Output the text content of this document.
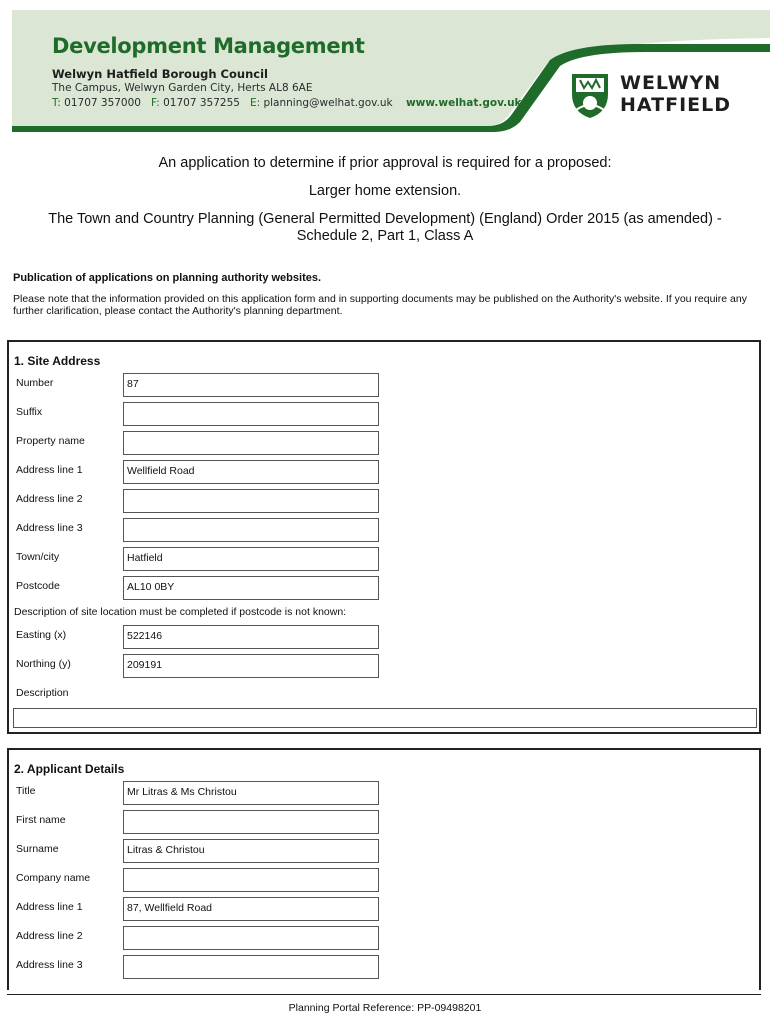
Development Management
Welwyn Hatfield Borough Council
The Campus, Welwyn Garden City, Herts AL8 6AE
T: 01707 357000 F: 01707 357255 E: planning@welhat.gov.uk www.welhat.gov.uk
WELWYN
HATFIELD
An application to determine if prior approval is required for a proposed:
Larger home extension.
The Town and Country Planning (General Permitted Development) (England) Order 2015 (as amended) -
Schedule 2, Part 1, Class A
Publication of applications on planning authority websites.
Please note that the information provided on this application form and in supporting documents may be published on the Authority's website. If you require any further clarification, please contact the Authority's planning department.
1. Site Address
Number	87
Suffix
Property name
Address line 1	Wellfield Road
Address line 2
Address line 3
Town/city	Hatfield
Postcode	AL10 0BY
Description of site location must be completed if postcode is not known:
Easting (x)	522146
Northing (y)	209191
Description
2. Applicant Details
Title	Mr Litras & Ms Christou
First name
Surname	Litras & Christou
Company name
Address line 1	87, Wellfield Road
Address line 2
Address line 3
Planning Portal Reference: PP-09498201
